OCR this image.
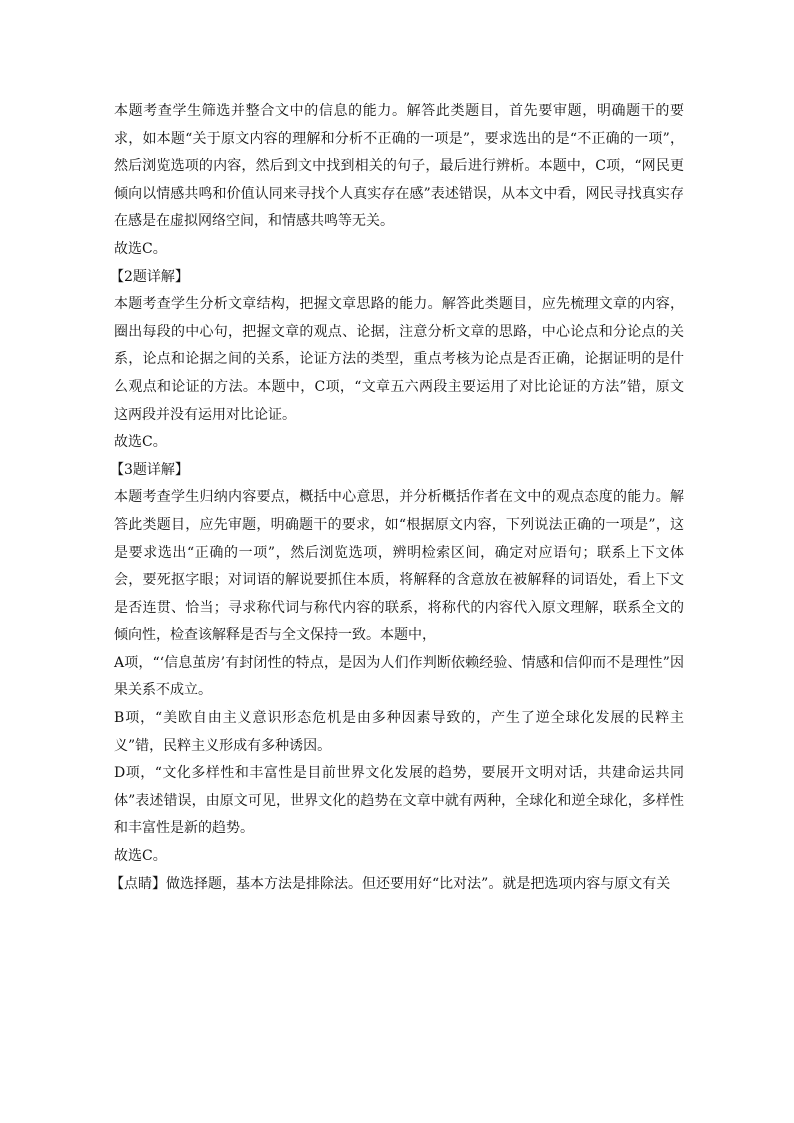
本题考查学生筛选并整合文中的信息的能力。解答此类题目，首先要审题，明确题干的要求，如本题“关于原文内容的理解和分析不正确的一项是”，要求选出的是“不正确的一项”，然后浏览选项的内容，然后到文中找到相关的句子，最后进行辨析。本题中，C项，“网民更倾向以情感共鸣和价值认同来寻找个人真实存在感”表述错误，从本文中看，网民寻找真实存在感是在虚拟网络空间，和情感共鸣等无关。

故选C。

【2题详解】

本题考查学生分析文章结构，把握文章思路的能力。解答此类题目，应先梳理文章的内容，圈出每段的中心句，把握文章的观点、论据，注意分析文章的思路，中心论点和分论点的关系，论点和论据之间的关系，论证方法的类型，重点考核为论点是否正确，论据证明的是什么观点和论证的方法。本题中，C项，“文章五六两段主要运用了对比论证的方法”错，原文这两段并没有运用对比论证。

故选C。

【3题详解】

本题考查学生归纳内容要点，概括中心意思，并分析概括作者在文中的观点态度的能力。解答此类题目，应先审题，明确题干的要求，如“根据原文内容，下列说法正确的一项是”，这是要求选出“正确的一项”，然后浏览选项，辨明检索区间，确定对应语句；联系上下文体会，要死抠字眼；对词语的解说要抓住本质，将解释的含意放在被解释的词语处，看上下文是否连贯、恰当；寻求称代词与称代内容的联系，将称代的内容代入原文理解，联系全文的倾向性，检查该解释是否与全文保持一致。本题中，

A项，“‘信息茧房’有封闭性的特点，是因为人们作判断依赖经验、情感和信仰而不是理性”因果关系不成立。

B项，“美欧自由主义意识形态危机是由多种因素导致的，产生了逆全球化发展的民粹主义”错，民粹主义形成有多种诱因。

D项，“文化多样性和丰富性是目前世界文化发展的趋势，要展开文明对话，共建命运共同体”表述错误，由原文可见，世界文化的趋势在文章中就有两种，全球化和逆全球化，多样性和丰富性是新的趋势。

故选C。

【点睛】做选择题，基本方法是排除法。但还要用好“比对法”。就是把选项内容与原文有关
